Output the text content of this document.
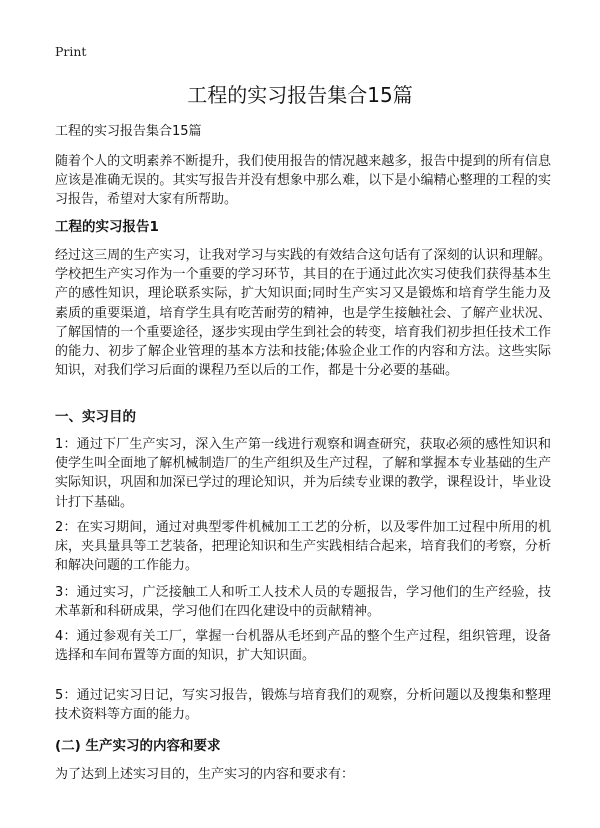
Print
工程的实习报告集合15篇

工程的实习报告集合15篇

随着个人的文明素养不断提升，我们使用报告的情况越来越多，报告中提到的所有信息应该是准确无误的。其实写报告并没有想象中那么难，以下是小编精心整理的工程的实习报告，希望对大家有所帮助。

工程的实习报告1

经过这三周的生产实习，让我对学习与实践的有效结合这句话有了深刻的认识和理解。学校把生产实习作为一个重要的学习环节，其目的在于通过此次实习使我们获得基本生产的感性知识，理论联系实际，扩大知识面;同时生产实习又是锻炼和培育学生能力及素质的重要渠道，培育学生具有吃苦耐劳的精神，也是学生接触社会、了解产业状况、了解国情的一个重要途径，逐步实现由学生到社会的转变，培育我们初步担任技术工作的能力、初步了解企业管理的基本方法和技能;体验企业工作的内容和方法。这些实际知识，对我们学习后面的课程乃至以后的工作，都是十分必要的基础。

一、实习目的

1：通过下厂生产实习，深入生产第一线进行观察和调查研究，获取必须的感性知识和使学生叫全面地了解机械制造厂的生产组织及生产过程，了解和掌握本专业基础的生产实际知识，巩固和加深已学过的理论知识，并为后续专业课的教学，课程设计，毕业设计打下基础。

2：在实习期间，通过对典型零件机械加工工艺的分析，以及零件加工过程中所用的机床，夹具量具等工艺装备，把理论知识和生产实践相结合起来，培育我们的考察，分析和解决问题的工作能力。

3：通过实习，广泛接触工人和听工人技术人员的专题报告，学习他们的生产经验，技术革新和科研成果，学习他们在四化建设中的贡献精神。

4：通过参观有关工厂，掌握一台机器从毛坯到产品的整个生产过程，组织管理，设备选择和车间布置等方面的知识，扩大知识面。

5：通过记实习日记，写实习报告，锻炼与培育我们的观察，分析问题以及搜集和整理技术资料等方面的能力。

(二) 生产实习的内容和要求

为了达到上述实习目的，生产实习的内容和要求有：
